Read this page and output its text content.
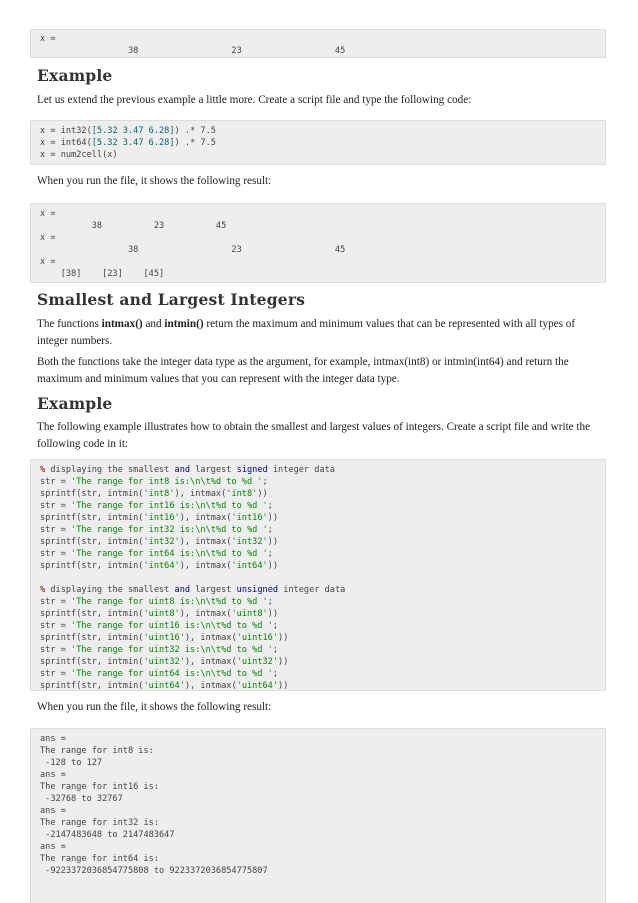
x =
38                  23                  45
Example
Let us extend the previous example a little more. Create a script file and type the following code:
x = int32([5.32 3.47 6.28]) .* 7.5
x = int64([5.32 3.47 6.28]) .* 7.5
x = num2cell(x)
When you run the file, it shows the following result:
x =
38          23          45
x =
38                  23                  45
x =
[38]    [23]    [45]
Smallest and Largest Integers
The functions intmax() and intmin() return the maximum and minimum values that can be represented with all types of integer numbers.
Both the functions take the integer data type as the argument, for example, intmax(int8) or intmin(int64) and return the maximum and minimum values that you can represent with the integer data type.
Example
The following example illustrates how to obtain the smallest and largest values of integers. Create a script file and write the following code in it:
% displaying the smallest and largest signed integer data
str = 'The range for int8 is:\n\t%d to %d ';
sprintf(str, intmin('int8'), intmax('int8'))
str = 'The range for int16 is:\n\t%d to %d ';
sprintf(str, intmin('int16'), intmax('int16'))
str = 'The range for int32 is:\n\t%d to %d ';
sprintf(str, intmin('int32'), intmax('int32'))
str = 'The range for int64 is:\n\t%d to %d ';
sprintf(str, intmin('int64'), intmax('int64'))
% displaying the smallest and largest unsigned integer data
str = 'The range for uint8 is:\n\t%d to %d ';
sprintf(str, intmin('uint8'), intmax('uint8'))
str = 'The range for uint16 is:\n\t%d to %d ';
sprintf(str, intmin('uint16'), intmax('uint16'))
str = 'The range for uint32 is:\n\t%d to %d ';
sprintf(str, intmin('uint32'), intmax('uint32'))
str = 'The range for uint64 is:\n\t%d to %d ';
sprintf(str, intmin('uint64'), intmax('uint64'))
When you run the file, it shows the following result:
ans =
The range for int8 is:
-128 to 127
ans =
The range for int16 is:
-32768 to 32767
ans =
The range for int32 is:
-2147483648 to 2147483647
ans =
The range for int64 is:
-9223372036854775808 to 9223372036854775807
